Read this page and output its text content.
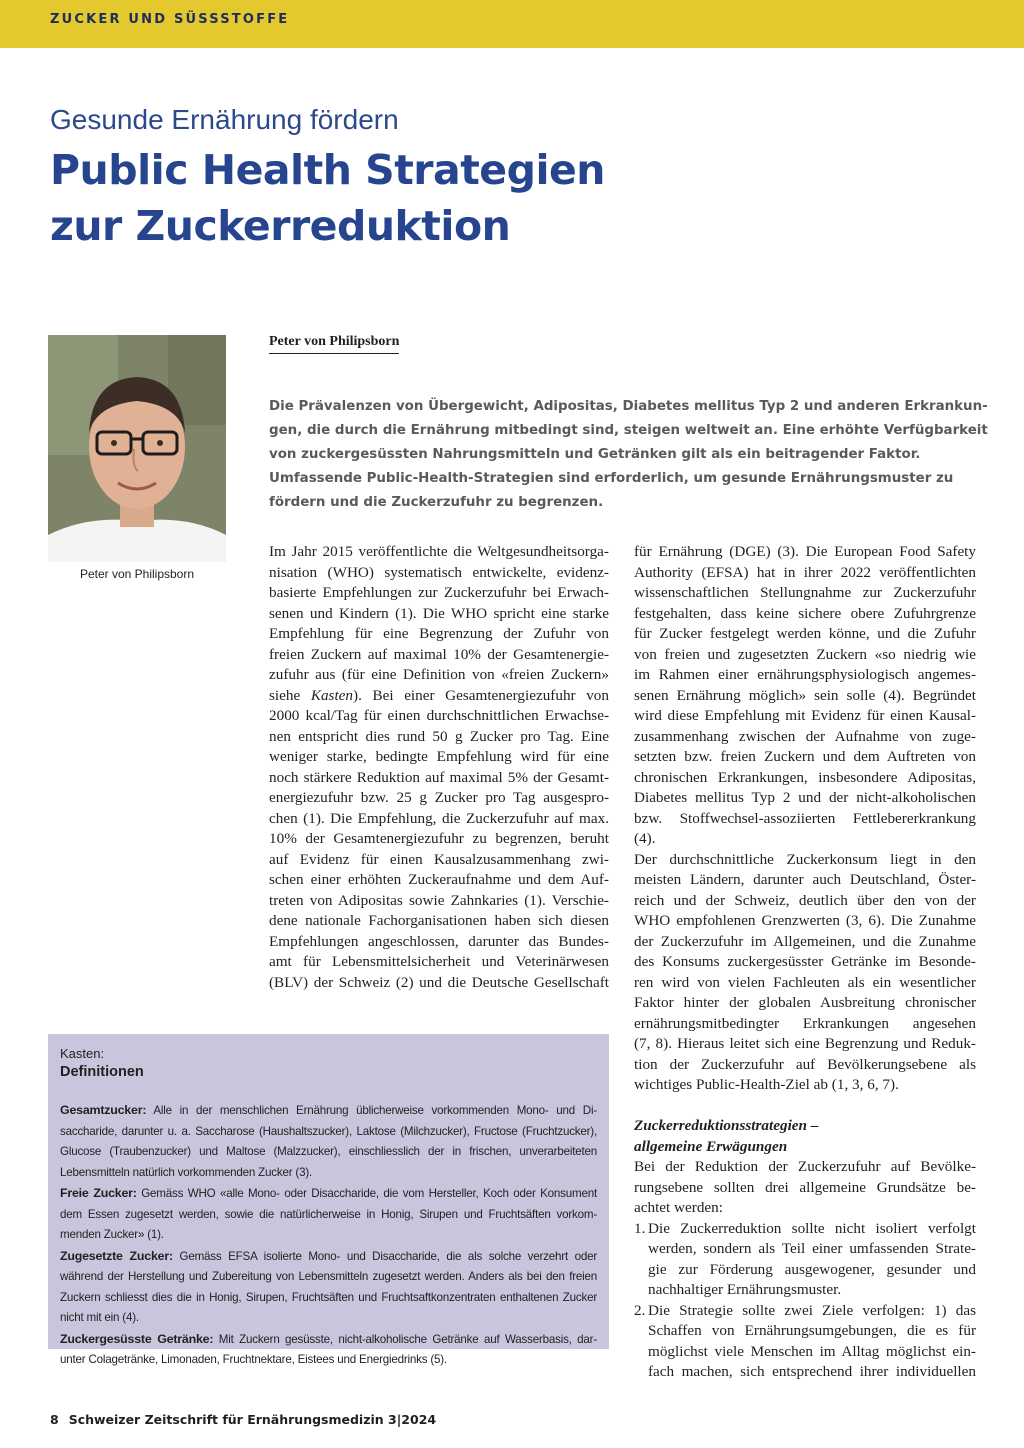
ZUCKER UND SÜSSSTOFFE
Gesunde Ernährung fördern
Public Health Strategien
zur Zuckerreduktion
Peter von Philipsborn
Peter von Philipsborn
Die Prävalenzen von Übergewicht, Adipositas, Diabetes mellitus Typ 2 und anderen Erkrankun-
gen, die durch die Ernährung mitbedingt sind, steigen weltweit an. Eine erhöhte Verfügbarkeit
von zuckergesüssten Nahrungsmitteln und Getränken gilt als ein beitragender Faktor.
Umfassende Public-Health-Strategien sind erforderlich, um gesunde Ernährungsmuster zu
fördern und die Zuckerzufuhr zu begrenzen.
Im Jahr 2015 veröffentlichte die Weltgesundheitsorga-
nisation (WHO) systematisch entwickelte, evidenz-
basierte Empfehlungen zur Zuckerzufuhr bei Erwach-
senen und Kindern (1). Die WHO spricht eine starke
Empfehlung für eine Begrenzung der Zufuhr von
freien Zuckern auf maximal 10% der Gesamtenergie-
zufuhr aus (für eine Definition von «freien Zuckern»
siehe Kasten). Bei einer Gesamtenergiezufuhr von
2000 kcal/Tag für einen durchschnittlichen Erwachse-
nen entspricht dies rund 50 g Zucker pro Tag. Eine
weniger starke, bedingte Empfehlung wird für eine
noch stärkere Reduktion auf maximal 5% der Gesamt-
energiezufuhr bzw. 25 g Zucker pro Tag ausgespro-
chen (1). Die Empfehlung, die Zuckerzufuhr auf max.
10% der Gesamtenergiezufuhr zu begrenzen, beruht
auf Evidenz für einen Kausalzusammenhang zwi-
schen einer erhöhten Zuckeraufnahme und dem Auf-
treten von Adipositas sowie Zahnkaries (1). Verschie-
dene nationale Fachorganisationen haben sich diesen
Empfehlungen angeschlossen, darunter das Bundes-
amt für Lebensmittelsicherheit und Veterinärwesen
(BLV) der Schweiz (2) und die Deutsche Gesellschaft
für Ernährung (DGE) (3). Die European Food Safety
Authority (EFSA) hat in ihrer 2022 veröffentlichten
wissenschaftlichen Stellungnahme zur Zuckerzufuhr
festgehalten, dass keine sichere obere Zufuhrgrenze
für Zucker festgelegt werden könne, und die Zufuhr
von freien und zugesetzten Zuckern «so niedrig wie
im Rahmen einer ernährungsphysiologisch angemes-
senen Ernährung möglich» sein solle (4). Begründet
wird diese Empfehlung mit Evidenz für einen Kausal-
zusammenhang zwischen der Aufnahme von zuge-
setzten bzw. freien Zuckern und dem Auftreten von
chronischen Erkrankungen, insbesondere Adipositas,
Diabetes mellitus Typ 2 und der nicht-alkoholischen
bzw. Stoffwechsel-assoziierten Fettlebererkrankung
(4).
Der durchschnittliche Zuckerkonsum liegt in den
meisten Ländern, darunter auch Deutschland, Öster-
reich und der Schweiz, deutlich über den von der
WHO empfohlenen Grenzwerten (3, 6). Die Zunahme
der Zuckerzufuhr im Allgemeinen, und die Zunahme
des Konsums zuckergesüsster Getränke im Besonde-
ren wird von vielen Fachleuten als ein wesentlicher
Faktor hinter der globalen Ausbreitung chronischer
ernährungsmitbedingter Erkrankungen angesehen
(7, 8). Hieraus leitet sich eine Begrenzung und Reduk-
tion der Zuckerzufuhr auf Bevölkerungsebene als
wichtiges Public-Health-Ziel ab (1, 3, 6, 7).
Zuckerreduktionsstrategien –
allgemeine Erwägungen
Bei der Reduktion der Zuckerzufuhr auf Bevölke-
rungsebene sollten drei allgemeine Grundsätze be-
achtet werden:
1. Die Zuckerreduktion sollte nicht isoliert verfolgt
werden, sondern als Teil einer umfassenden Strate-
gie zur Förderung ausgewogener, gesunder und
nachhaltiger Ernährungsmuster.
2. Die Strategie sollte zwei Ziele verfolgen: 1) das
Schaffen von Ernährungsumgebungen, die es für
möglichst viele Menschen im Alltag möglichst ein-
fach machen, sich entsprechend ihrer individuellen
Kasten:
Definitionen
Gesamtzucker: Alle in der menschlichen Ernährung üblicherweise vorkommenden Mono- und Di-
saccharide, darunter u. a. Saccharose (Haushaltszucker), Laktose (Milchzucker), Fructose (Fruchtzucker),
Glucose (Traubenzucker) und Maltose (Malzzucker), einschliesslich der in frischen, unverarbeiteten
Lebensmitteln natürlich vorkommenden Zucker (3).
Freie Zucker: Gemäss WHO «alle Mono- oder Disaccharide, die vom Hersteller, Koch oder Konsument
dem Essen zugesetzt werden, sowie die natürlicherweise in Honig, Sirupen und Fruchtsäften vorkom-
menden Zucker» (1).
Zugesetzte Zucker: Gemäss EFSA isolierte Mono- und Disaccharide, die als solche verzehrt oder
während der Herstellung und Zubereitung von Lebensmitteln zugesetzt werden. Anders als bei den freien
Zuckern schliesst dies die in Honig, Sirupen, Fruchtsäften und Fruchtsaftkonzentraten enthaltenen Zucker
nicht mit ein (4).
Zuckergesüsste Getränke: Mit Zuckern gesüsste, nicht-alkoholische Getränke auf Wasserbasis, dar-
unter Colagetränke, Limonaden, Fruchtnektare, Eistees und Energiedrinks (5).
8 Schweizer Zeitschrift für Ernährungsmedizin 3|2024
